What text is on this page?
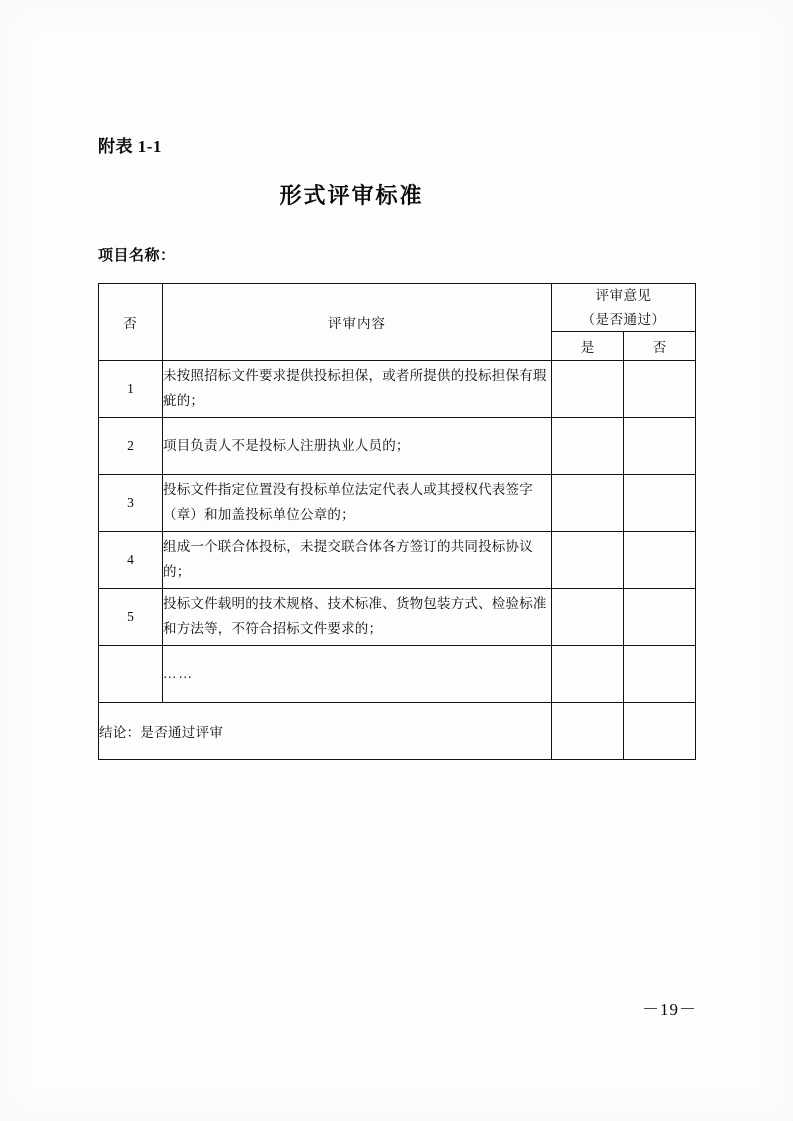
附表 1-1
形式评审标准
项目名称：
否	评审内容	评审意见
（是否通过）	

		是	否
1	未按照招标文件要求提供投标担保，或者所提供的投标担保有瑕疵的；		
2	项目负责人不是投标人注册执业人员的；		
3	投标文件指定位置没有投标单位法定代表人或其授权代表签字（章）和加盖投标单位公章的；		
4	组成一个联合体投标，未提交联合体各方签订的共同投标协议的；		
5	投标文件载明的技术规格、技术标准、货物包装方式、检验标准和方法等，不符合招标文件要求的；		
	……		
结论：是否通过评审			
－19－
